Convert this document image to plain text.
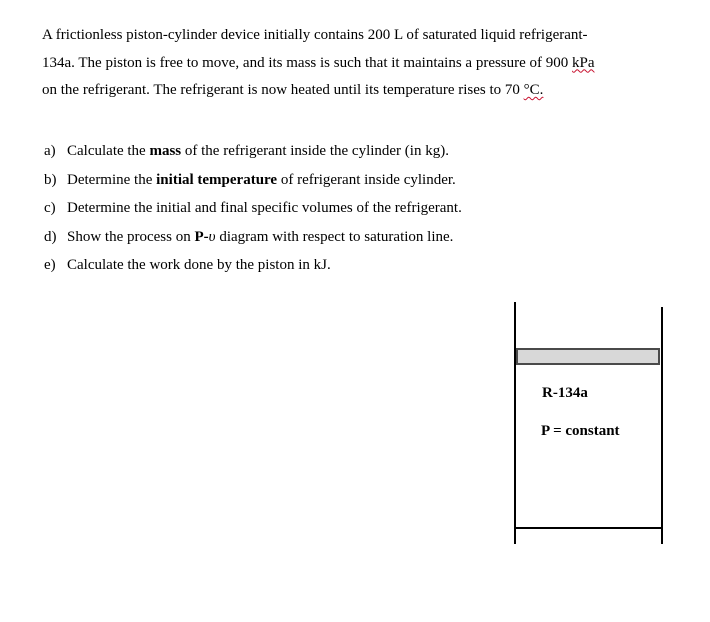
A frictionless piston-cylinder device initially contains 200 L of saturated liquid refrigerant-
134a. The piston is free to move, and its mass is such that it maintains a pressure of 900 kPa
on the refrigerant. The refrigerant is now heated until its temperature rises to 70 °C.

a) Calculate the mass of the refrigerant inside the cylinder (in kg).
b) Determine the initial temperature of refrigerant inside cylinder.
c) Determine the initial and final specific volumes of the refrigerant.
d) Show the process on P-υ diagram with respect to saturation line.
e) Calculate the work done by the piston in kJ.
R-134a
P = constant
